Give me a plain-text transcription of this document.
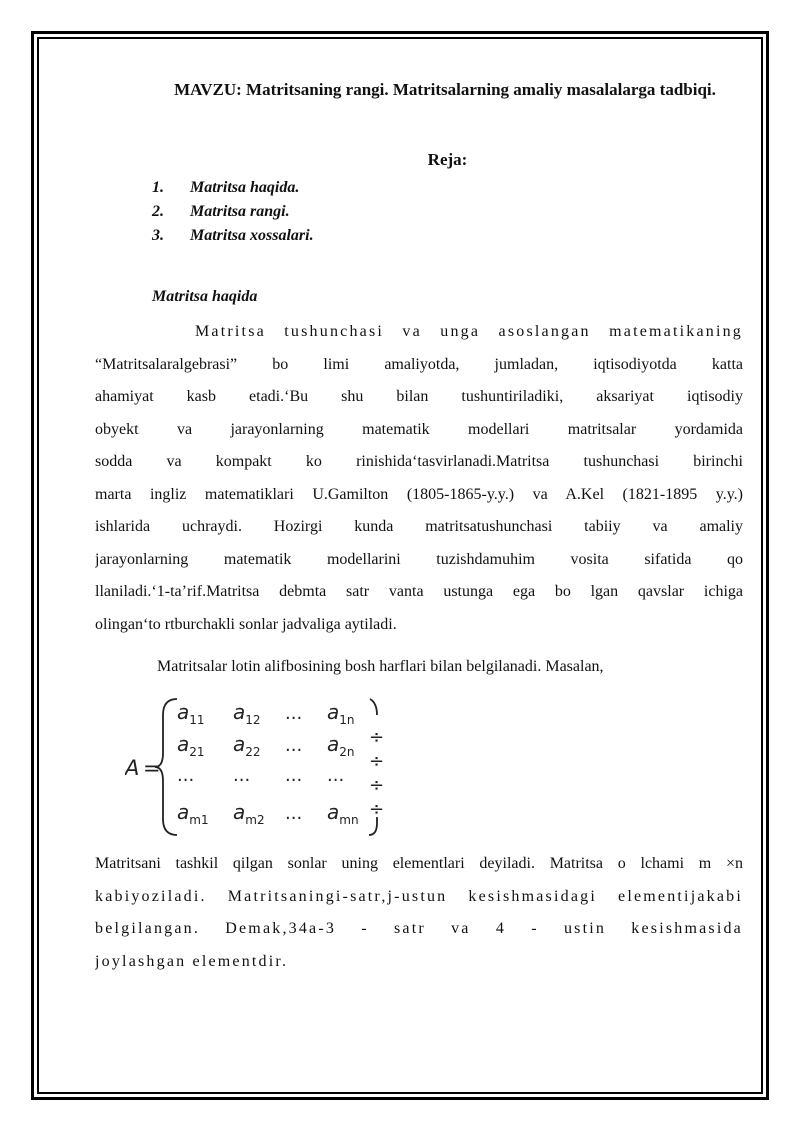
MAVZU: Matritsaning rangi. Matritsalarning amaliy masalalarga tadbiqi.
Reja:
1. Matritsa haqida.
2. Matritsa rangi.
3. Matritsa xossalari.
Matritsa haqida
Matritsa tushunchasi va unga asoslangan matematikaning
“Matritsalaralgebrasi” bo limi amaliyotda, jumladan, iqtisodiyotda katta
ahamiyat kasb etadi.‘Bu shu bilan tushuntiriladiki, aksariyat iqtisodiy
obyekt va jarayonlarning matematik modellari matritsalar yordamida
sodda va kompakt ko rinishida‘tasvirlanadi.Matritsa tushunchasi birinchi
marta ingliz matematiklari U.Gamilton (1805-1865-y.y.) va A.Kel (1821-1895 y.y.)
ishlarida uchraydi. Hozirgi kunda matritsatushunchasi tabiiy va amaliy
jarayonlarning matematik modellarini tuzishdamuhim vosita sifatida qo
llaniladi.‘1-ta’rif.Matritsa debmta satr vanta ustunga ega bo lgan qavslar ichiga
olingan‘to rtburchakli sonlar jadvaliga aytiladi.
Matritsalar lotin alifbosining bosh harflari bilan belgilanadi. Masalan,
A =
÷
÷
÷
÷
$a_{11}$ $a_{12}$ ... $a_{1n}$
$a_{21}$ $a_{22}$ ... $a_{2n}$
... ... ... ...
$a_{m1}$ $a_{m2}$ ... $a_{mn}$
Matritsani tashkil qilgan sonlar uning elementlari deyiladi. Matritsa o lchami m ×n
kabiyoziladi. Matritsaningi-satr,j-ustun kesishmasidagi elementijakabi
belgilangan. Demak,34a-3 - satr va 4 - ustin kesishmasida
joylashgan elementdir.
